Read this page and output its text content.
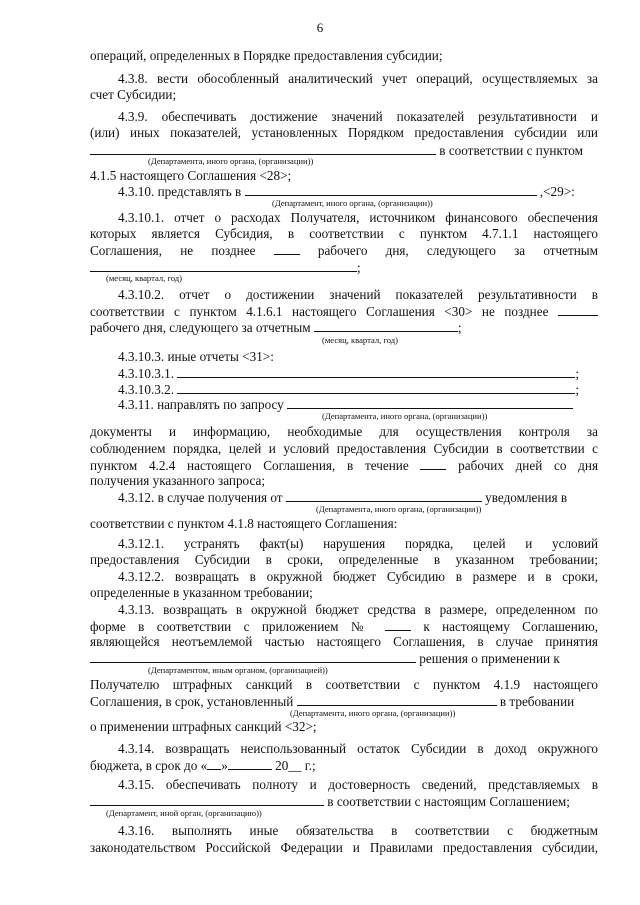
6

операций, определенных в Порядке предоставления субсидии;

4.3.8. вести обособленный аналитический учет операций, осуществляемых за

счет Субсидии;

4.3.9. обеспечивать достижение значений показателей результативности и

(или) иных показателей, установленных Порядком предоставления субсидии или

в соответствии с пунктом

(Департамента, иного органа, (организации))

4.1.5 настоящего Соглашения <28>;

4.3.10. представлять в	,<29>:

(Департамент, иного органа, (организации))

4.3.10.1. отчет о расходах Получателя, источником финансового обеспечения

которых является Субсидия, в соответствии с пунктом 4.7.1.1 настоящего

Соглашения, не позднее	рабочего дня, следующего за отчетным

;

(месяц, квартал, год)

4.3.10.2. отчет о достижении значений показателей результативности в

соответствии с пунктом 4.1.6.1 настоящего Соглашения <30> не позднее

рабочего дня, следующего за отчетным	;

(месяц, квартал, год)

4.3.10.3. иные отчеты <31>:

4.3.10.3.1.	;

4.3.10.3.2.	;

4.3.11. направлять по запросу

(Департамента, иного органа, (организации))

документы и информацию, необходимые для осуществления контроля за

соблюдением порядка, целей и условий предоставления Субсидии в соответствии с

пунктом 4.2.4 настоящего Соглашения, в течение	рабочих дней со дня

получения указанного запроса;

4.3.12. в случае получения от	уведомления в

(Департамента, иного органа, (организации))

соответствии с пунктом 4.1.8 настоящего Соглашения:

4.3.12.1. устранять факт(ы) нарушения порядка, целей и условий

предоставления Субсидии в сроки, определенные в указанном требовании;

4.3.12.2. возвращать в окружной бюджет Субсидию в размере и в сроки,

определенные в указанном требовании;

4.3.13. возвращать в окружной бюджет средства в размере, определенном по

форме в соответствии с приложением №	к настоящему Соглашению,

являющейся неотъемлемой частью настоящего Соглашения, в случае принятия

решения о применении к

(Департаментом, иным органом, (организацией))

Получателю штрафных санкций в соответствии с пунктом 4.1.9 настоящего

Соглашения, в срок, установленный	в требовании

(Департамента, иного органа, (организации))

о применении штрафных санкций <32>;

4.3.14. возвращать неиспользованный остаток Субсидии в доход окружного

бюджета, в срок до « »	20__ г.;

4.3.15. обеспечивать полноту и достоверность сведений, представляемых в

в соответствии с настоящим Соглашением;

(Департамент, иной орган, (организацию))

4.3.16. выполнять иные обязательства в соответствии с бюджетным

законодательством Российской Федерации и Правилами предоставления субсидии,
